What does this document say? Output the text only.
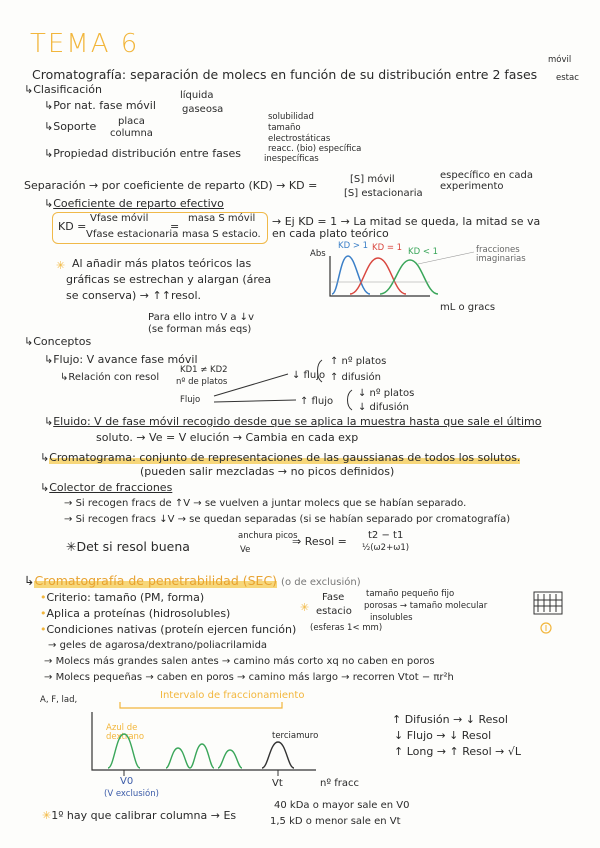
TEMA 6
Cromatografía: separación de molecs en función de su distribución entre 2 fases
móvil
estac
↳Clasificación
↳Por nat. fase móvil
líquida
gaseosa
↳Soporte placa
columna
↳Propiedad distribución entre fases
solubilidad
tamaño
electrostáticas
reacc. (bio) específica
inespecíficas
Separación → por coeficiente de reparto (KD) → KD =	[S] móvil
[S] estacionaria
específico en cada experimento
↳Coeficiente de reparto efectivo
KD =
Vfase móvil
Vfase estacionaria
masa S móvil
masa S estacio.
=	→ Ej KD = 1 → La mitad se queda, la mitad se va en cada plato teórico
✳ Al añadir más platos teóricos las
gráficas se estrechan y alargan (área
se conserva) → ↑↑resol.
Para ello intro V a ↓v
(se forman más eqs)
Abs
mL o gracs
KD > 1 KD = 1 KD < 1	fracciones imaginarias
↳Conceptos
↳Flujo: V avance fase móvil
↳Relación con resol
KD1 ≠ KD2
nº de platos
Flujo
↓ flujo
↑ flujo
↑ nº platos
↑ difusión
↓ nº platos
↓ difusión
↳Eluido: V de fase móvil recogido desde que se aplica la muestra hasta que sale el último
soluto. → Ve = V elución → Cambia en cada exp
↳Cromatograma: conjunto de representaciones de las gaussianas de todos los solutos.
(pueden salir mezcladas → no picos definidos)
↳Colector de fracciones
→ Si recogen fracs de ↑V → se vuelven a juntar molecs que se habían separado.
→ Si recogen fracs ↓V → se quedan separadas (si se habían separado por cromatografía)
✳Det si resol buena
anchura picos
Ve
⇒ Resol = t2 − t1
½(ω2+ω1)
↳Cromatografía de penetrabilidad (SEC) (o de exclusión)
•Criterio: tamaño (PM, forma)
•Aplica a proteínas (hidrosolubles)
•Condiciones nativas (proteín ejercen función)
→ geles de agarosa/dextrano/poliacrilamida
→ Molecs más grandes salen antes → camino más corto xq no caben en poros
→ Molecs pequeñas → caben en poros → camino más largo → recorren Vtot − πr²h
✳
Fase
estacio
tamaño pequeño fijo
porosas → tamaño molecular
insolubles
(esferas 1< mm)
A, F, lad,	Intervalo de fraccionamiento
Azul de dextrano	terciamuro
V0
(V exclusión)
Vt	nº fracc
↑ Difusión → ↓ Resol
↓ Flujo → ↓ Resol
↑ Long → ↑ Resol → √L
✳1º hay que calibrar columna → Es
40 kDa o mayor sale en V0
1,5 kD o menor sale en Vt
